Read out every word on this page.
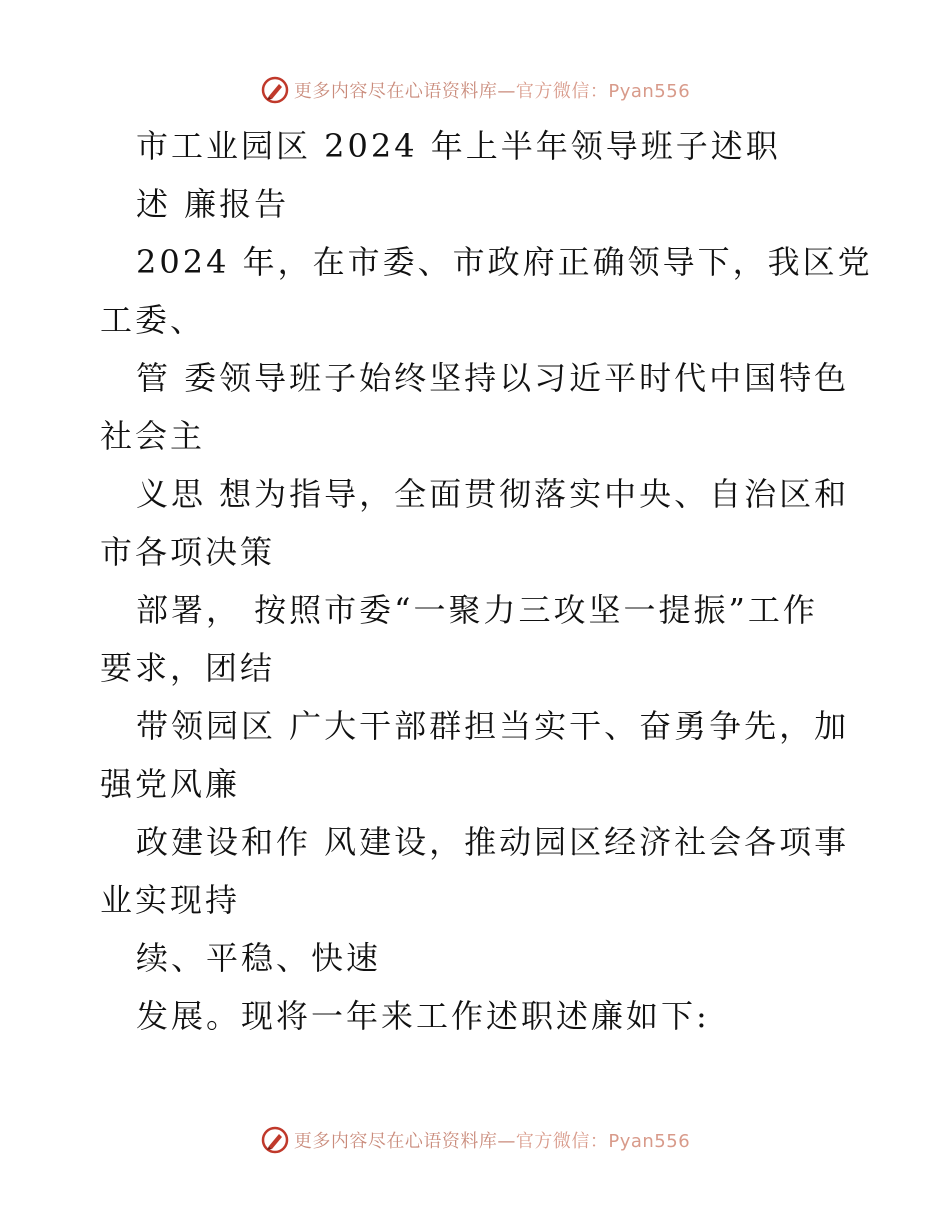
更多内容尽在心语资料库—官方微信：Pyan556
市工业园区 2024 年上半年领导班子述职
述 廉报告
2024 年，在市委、市政府正确领导下，我区党
工委、
管 委领导班子始终坚持以习近平时代中国特色
社会主
义思 想为指导，全面贯彻落实中央、自治区和
市各项决策
部署， 按照市委“一聚力三攻坚一提振”工作
要求，团结
带领园区 广大干部群担当实干、奋勇争先，加
强党风廉
政建设和作 风建设，推动园区经济社会各项事
业实现持
续、平稳、快速
发展。现将一年来工作述职述廉如下:
更多内容尽在心语资料库—官方微信：Pyan556
